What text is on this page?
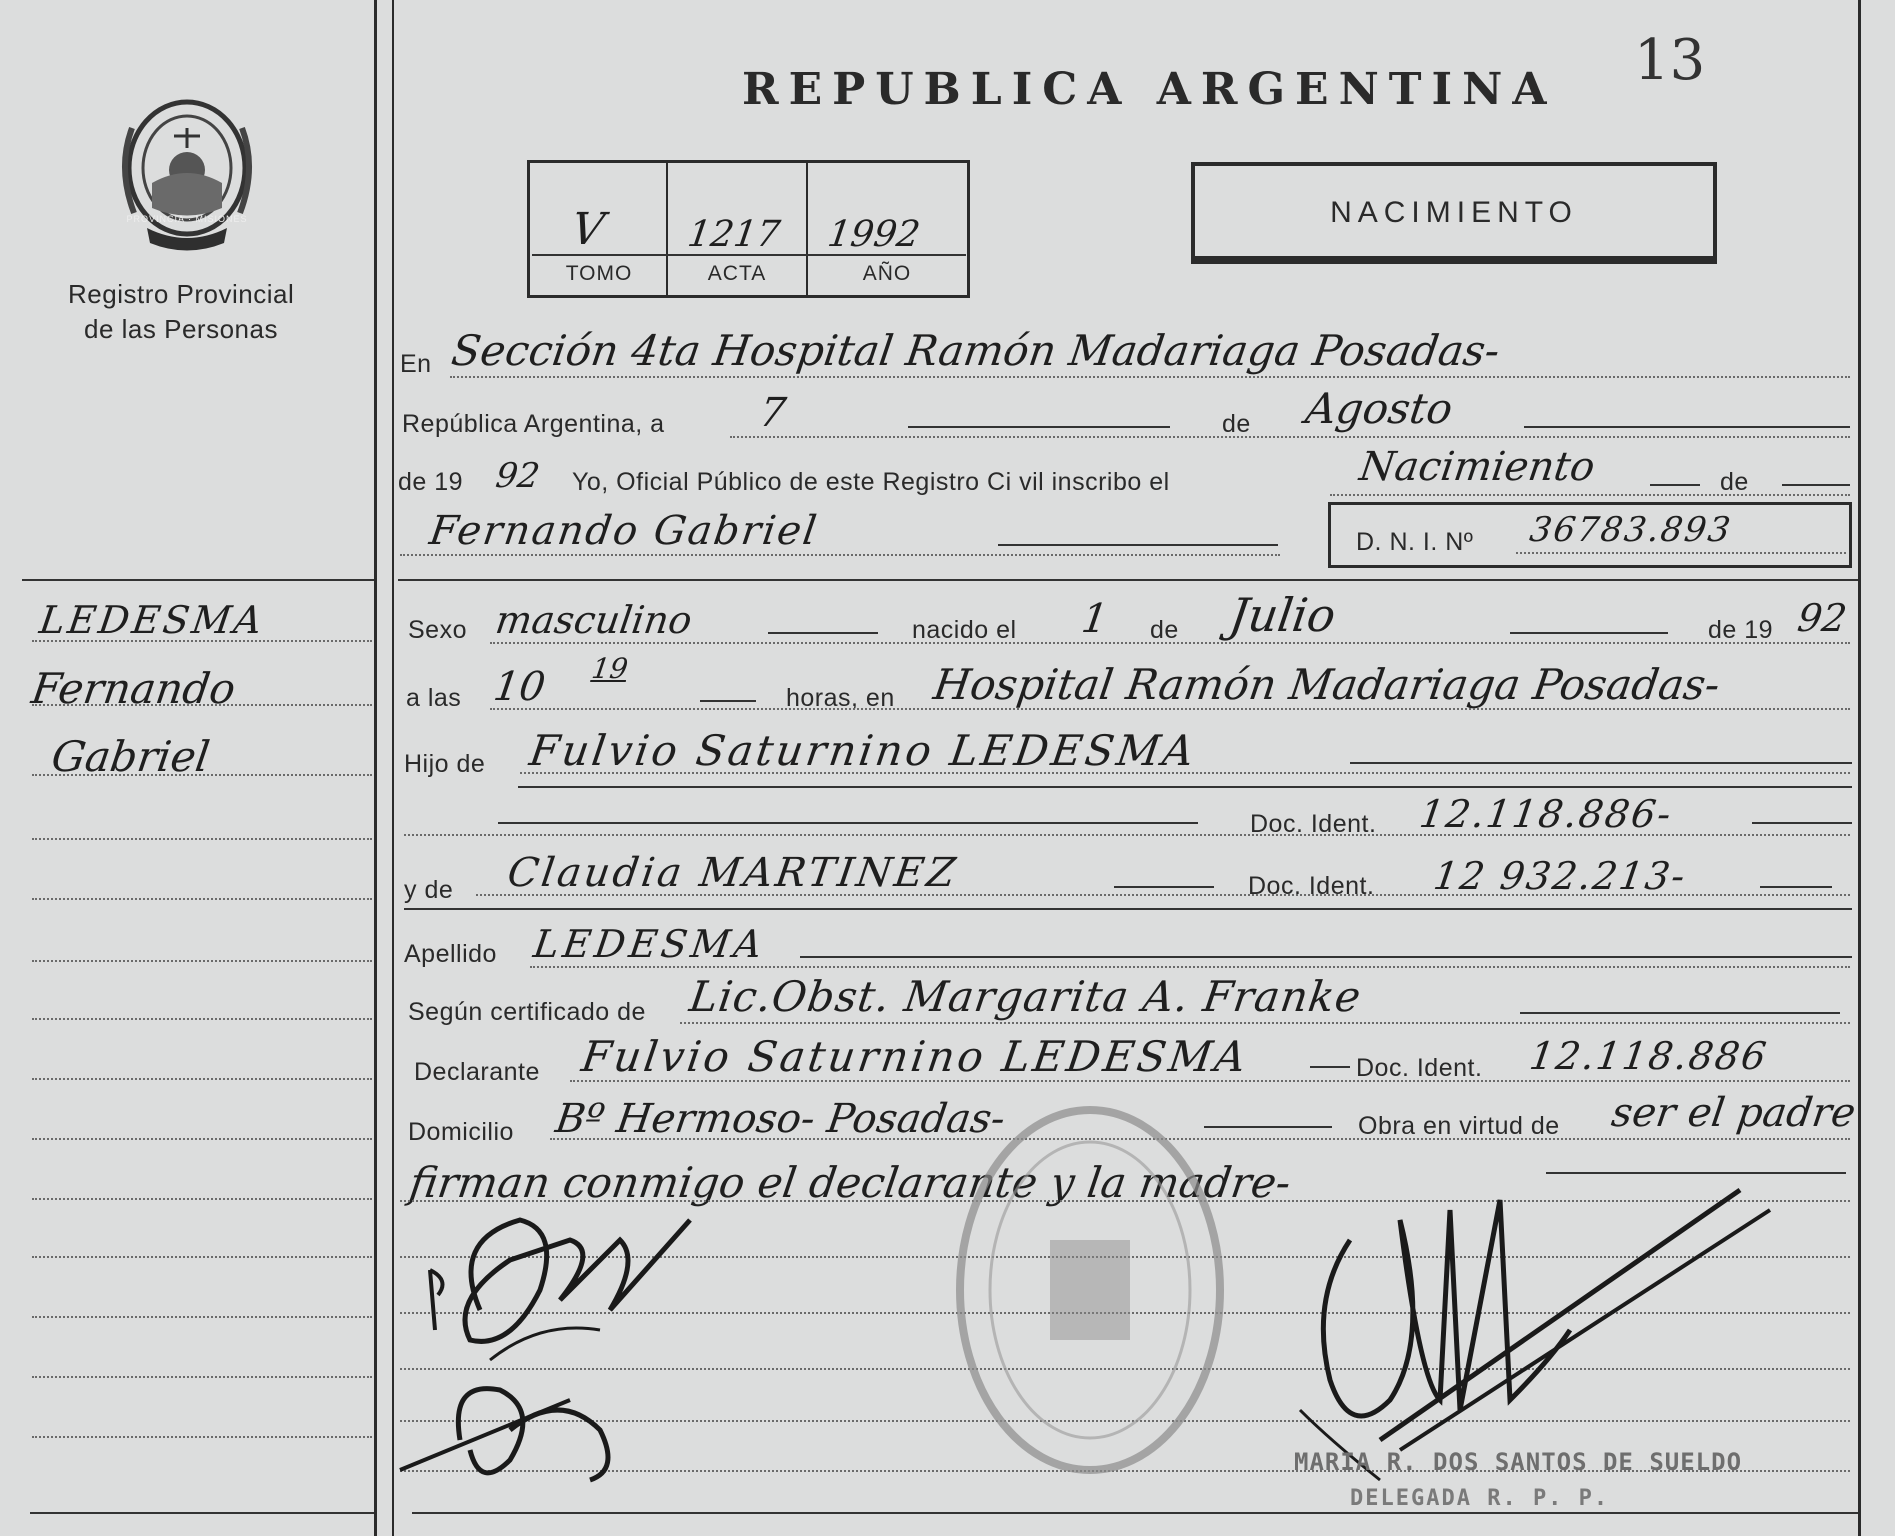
13
PROVINCIA · MISIONES
Registro Provincial
de las Personas
REPUBLICA ARGENTINA
V 1217 1992
TOMO	ACTA	AÑO
NACIMIENTO
LEDESMA
Fernando
Gabriel
En Sección 4ta Hospital Ramón Madariaga Posadas-
República Argentina, a 7	de Agosto
de 19 92 Yo, Oficial Público de este Registro Ci vil inscribo el	Nacimiento	de
Fernando Gabriel	D. N. I. Nº 36783.893
Sexo masculino	nacido el 1 de Julio	de 19 92
a las 10 19
horas, en Hospital Ramón Madariaga Posadas-
Hijo de Fulvio Saturnino LEDESMA
Doc. Ident. 12.118.886-
y de Claudia MARTINEZ	Doc. Ident. 12 932.213-
Apellido LEDESMA
Según certificado de Lic.Obst. Margarita A. Franke
Declarante Fulvio Saturnino LEDESMA	Doc. Ident. 12.118.886
Domicilio Bº Hermoso- Posadas-	Obra en virtud de ser el padre
firman conmigo el declarante y la madre-
MARIA R. DOS SANTOS DE SUELDO
DELEGADA R. P. P.
